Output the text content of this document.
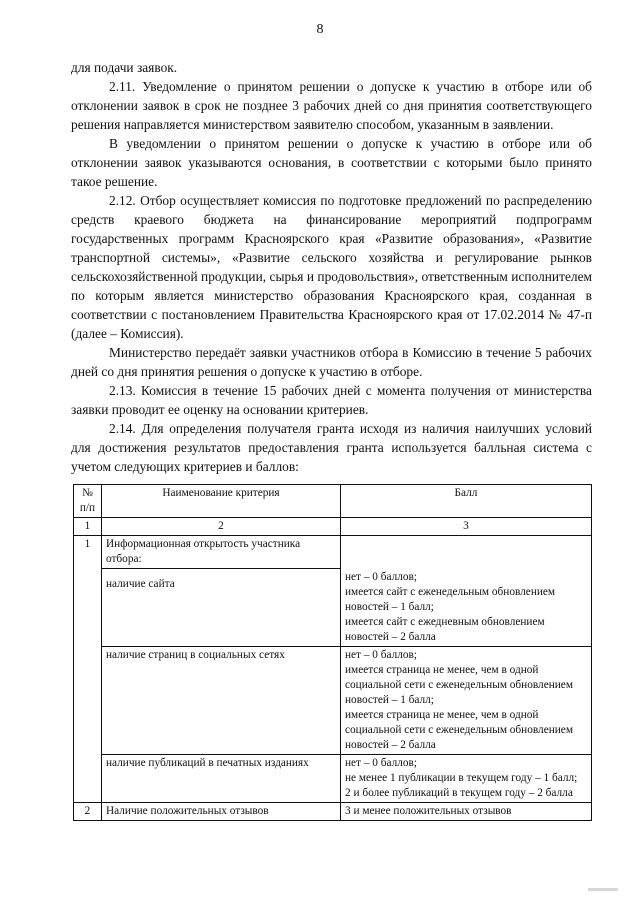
8

для подачи заявок.

2.11. Уведомление о принятом решении о допуске к участию в отборе или об отклонении заявок в срок не позднее 3 рабочих дней со дня принятия соответствующего решения направляется министерством заявителю способом, указанным в заявлении.

В уведомлении о принятом решении о допуске к участию в отборе или об отклонении заявок указываются основания, в соответствии с которыми было принято такое решение.

2.12. Отбор осуществляет комиссия по подготовке предложений по распределению средств краевого бюджета на финансирование мероприятий подпрограмм государственных программ Красноярского края «Развитие образования», «Развитие транспортной системы», «Развитие сельского хозяйства и регулирование рынков сельскохозяйственной продукции, сырья и продовольствия», ответственным исполнителем по которым является министерство образования Красноярского края, созданная в соответствии с постановлением Правительства Красноярского края от 17.02.2014 № 47-п (далее – Комиссия).

Министерство передаёт заявки участников отбора в Комиссию в течение 5 рабочих дней со дня принятия решения о допуске к участию в отборе.

2.13. Комиссия в течение 15 рабочих дней с момента получения от министерства заявки проводит ее оценку на основании критериев.

2.14. Для определения получателя гранта исходя из наличия наилучших условий для достижения результатов предоставления гранта используется балльная система с учетом следующих критериев и баллов:

№ п/п	Наименование критерия	Балл
1	2	3
1	Информационная открытость участника отбора:	
	наличие сайта	нет – 0 баллов;
имеется сайт с еженедельным обновлением новостей – 1 балл;
имеется сайт с ежедневным обновлением новостей – 2 балла
	наличие страниц в социальных сетях	нет – 0 баллов;
имеется страница не менее, чем в одной социальной сети с еженедельным обновлением новостей – 1 балл;
имеется страница не менее, чем в одной социальной сети с еженедельным обновлением новостей – 2 балла
	наличие публикаций в печатных изданиях	нет – 0 баллов;
не менее 1 публикации в текущем году – 1 балл;
2 и более публикаций в текущем году – 2 балла
2	Наличие положительных отзывов	3 и менее положительных отзывов
